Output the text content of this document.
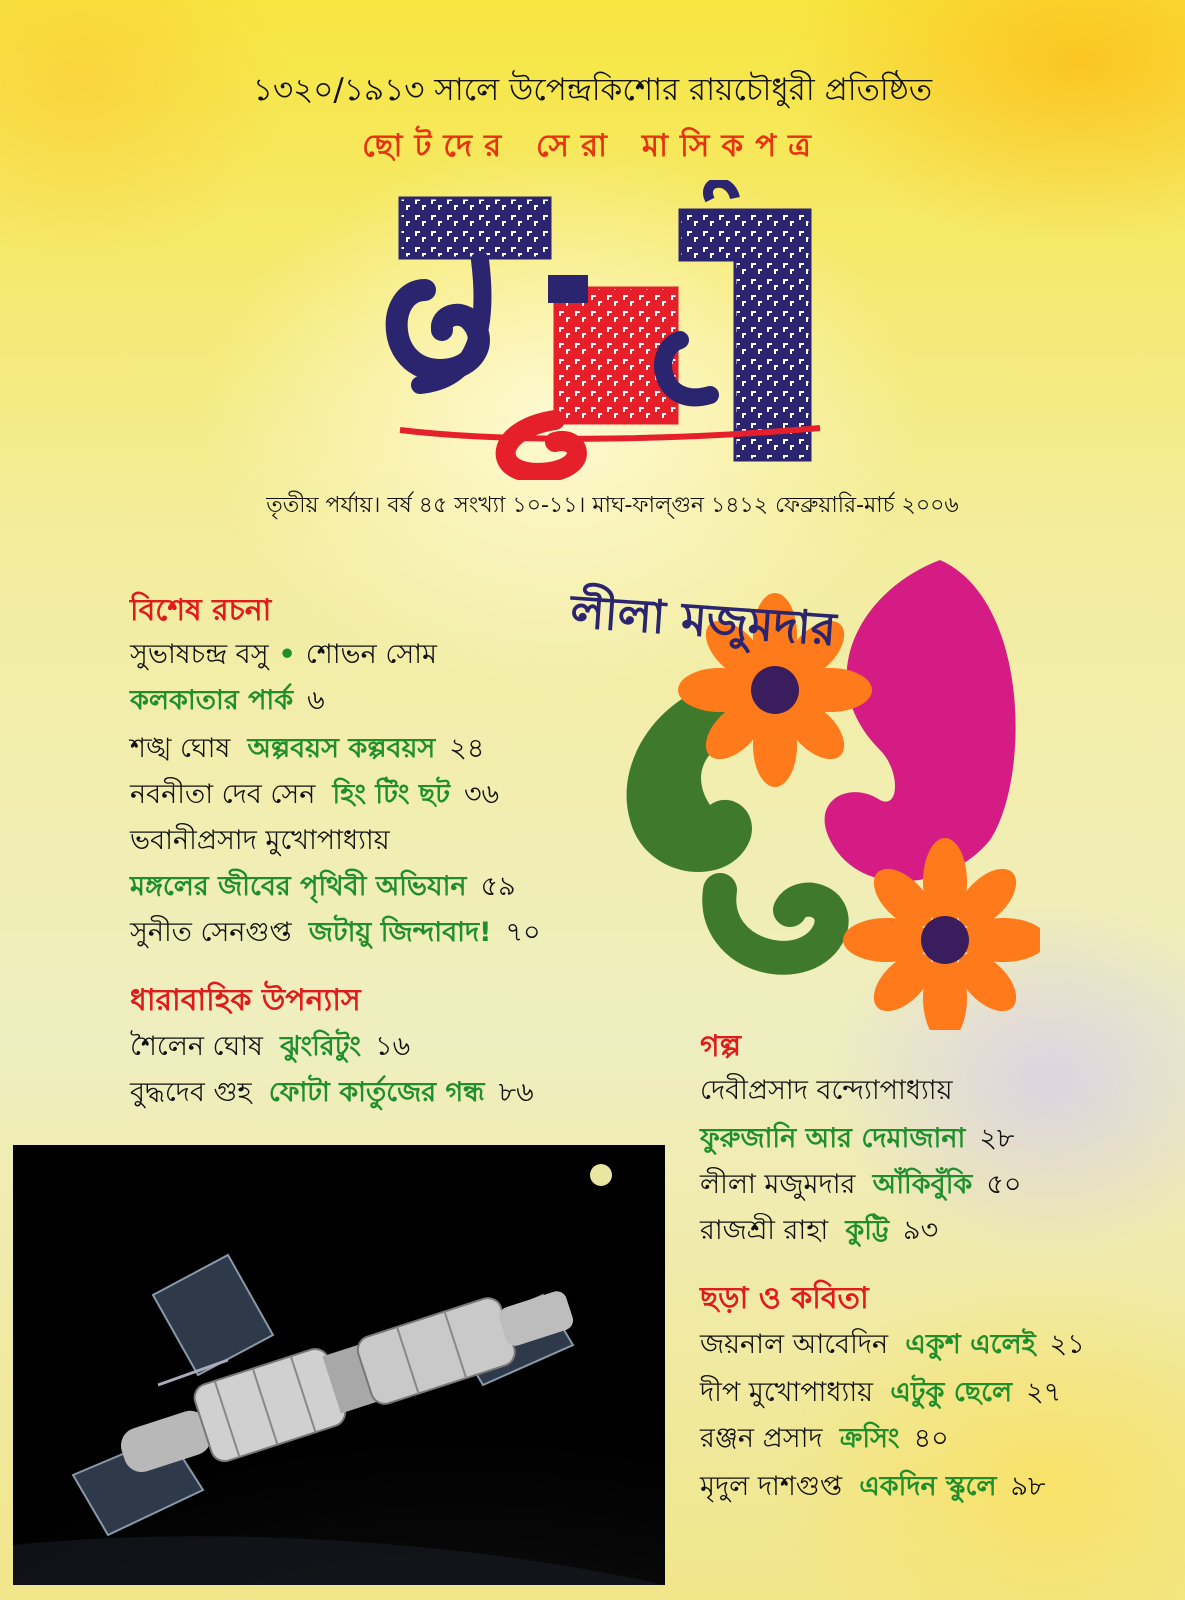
১৩২০/১৯১৩ সালে উপেন্দ্রকিশোর রায়চৌধুরী প্রতিষ্ঠিত
ছোটদের সেরা মাসিকপত্র
তৃতীয় পর্যায়। বর্ষ ৪৫ সংখ্যা ১০-১১। মাঘ-ফাল্গুন ১৪১২ ফেব্রুয়ারি-মার্চ ২০০৬
বিশেষ রচনা
সুভাষচন্দ্র বসু • শোভন সোম
কলকাতার পার্ক ৬
শঙ্খ ঘোষ অল্পবয়স কল্পবয়স ২৪
নবনীতা দেব সেন হিং টিং ছট ৩৬
ভবানীপ্রসাদ মুখোপাধ্যায়
মঙ্গলের জীবের পৃথিবী অভিযান ৫৯
সুনীত সেনগুপ্ত জটায়ু জিন্দাবাদ! ৭০
ধারাবাহিক উপন্যাস
শৈলেন ঘোষ ঝুংরিটুং ১৬
বুদ্ধদেব গুহ ফোটা কার্তুজের গন্ধ ৮৬
লীলা মজুমদার
গল্প
দেবীপ্রসাদ বন্দ্যোপাধ্যায়
ফুরুজানি আর দেমাজানা ২৮
লীলা মজুমদার আঁকিবুঁকি ৫০
রাজশ্রী রাহা কুট্টি ৯৩
ছড়া ও কবিতা
জয়নাল আবেদিন একুশ এলেই ২১
দীপ মুখোপাধ্যায় এটুকু ছেলে ২৭
রঞ্জন প্রসাদ ক্রসিং ৪০
মৃদুল দাশগুপ্ত একদিন স্কুলে ৯৮
